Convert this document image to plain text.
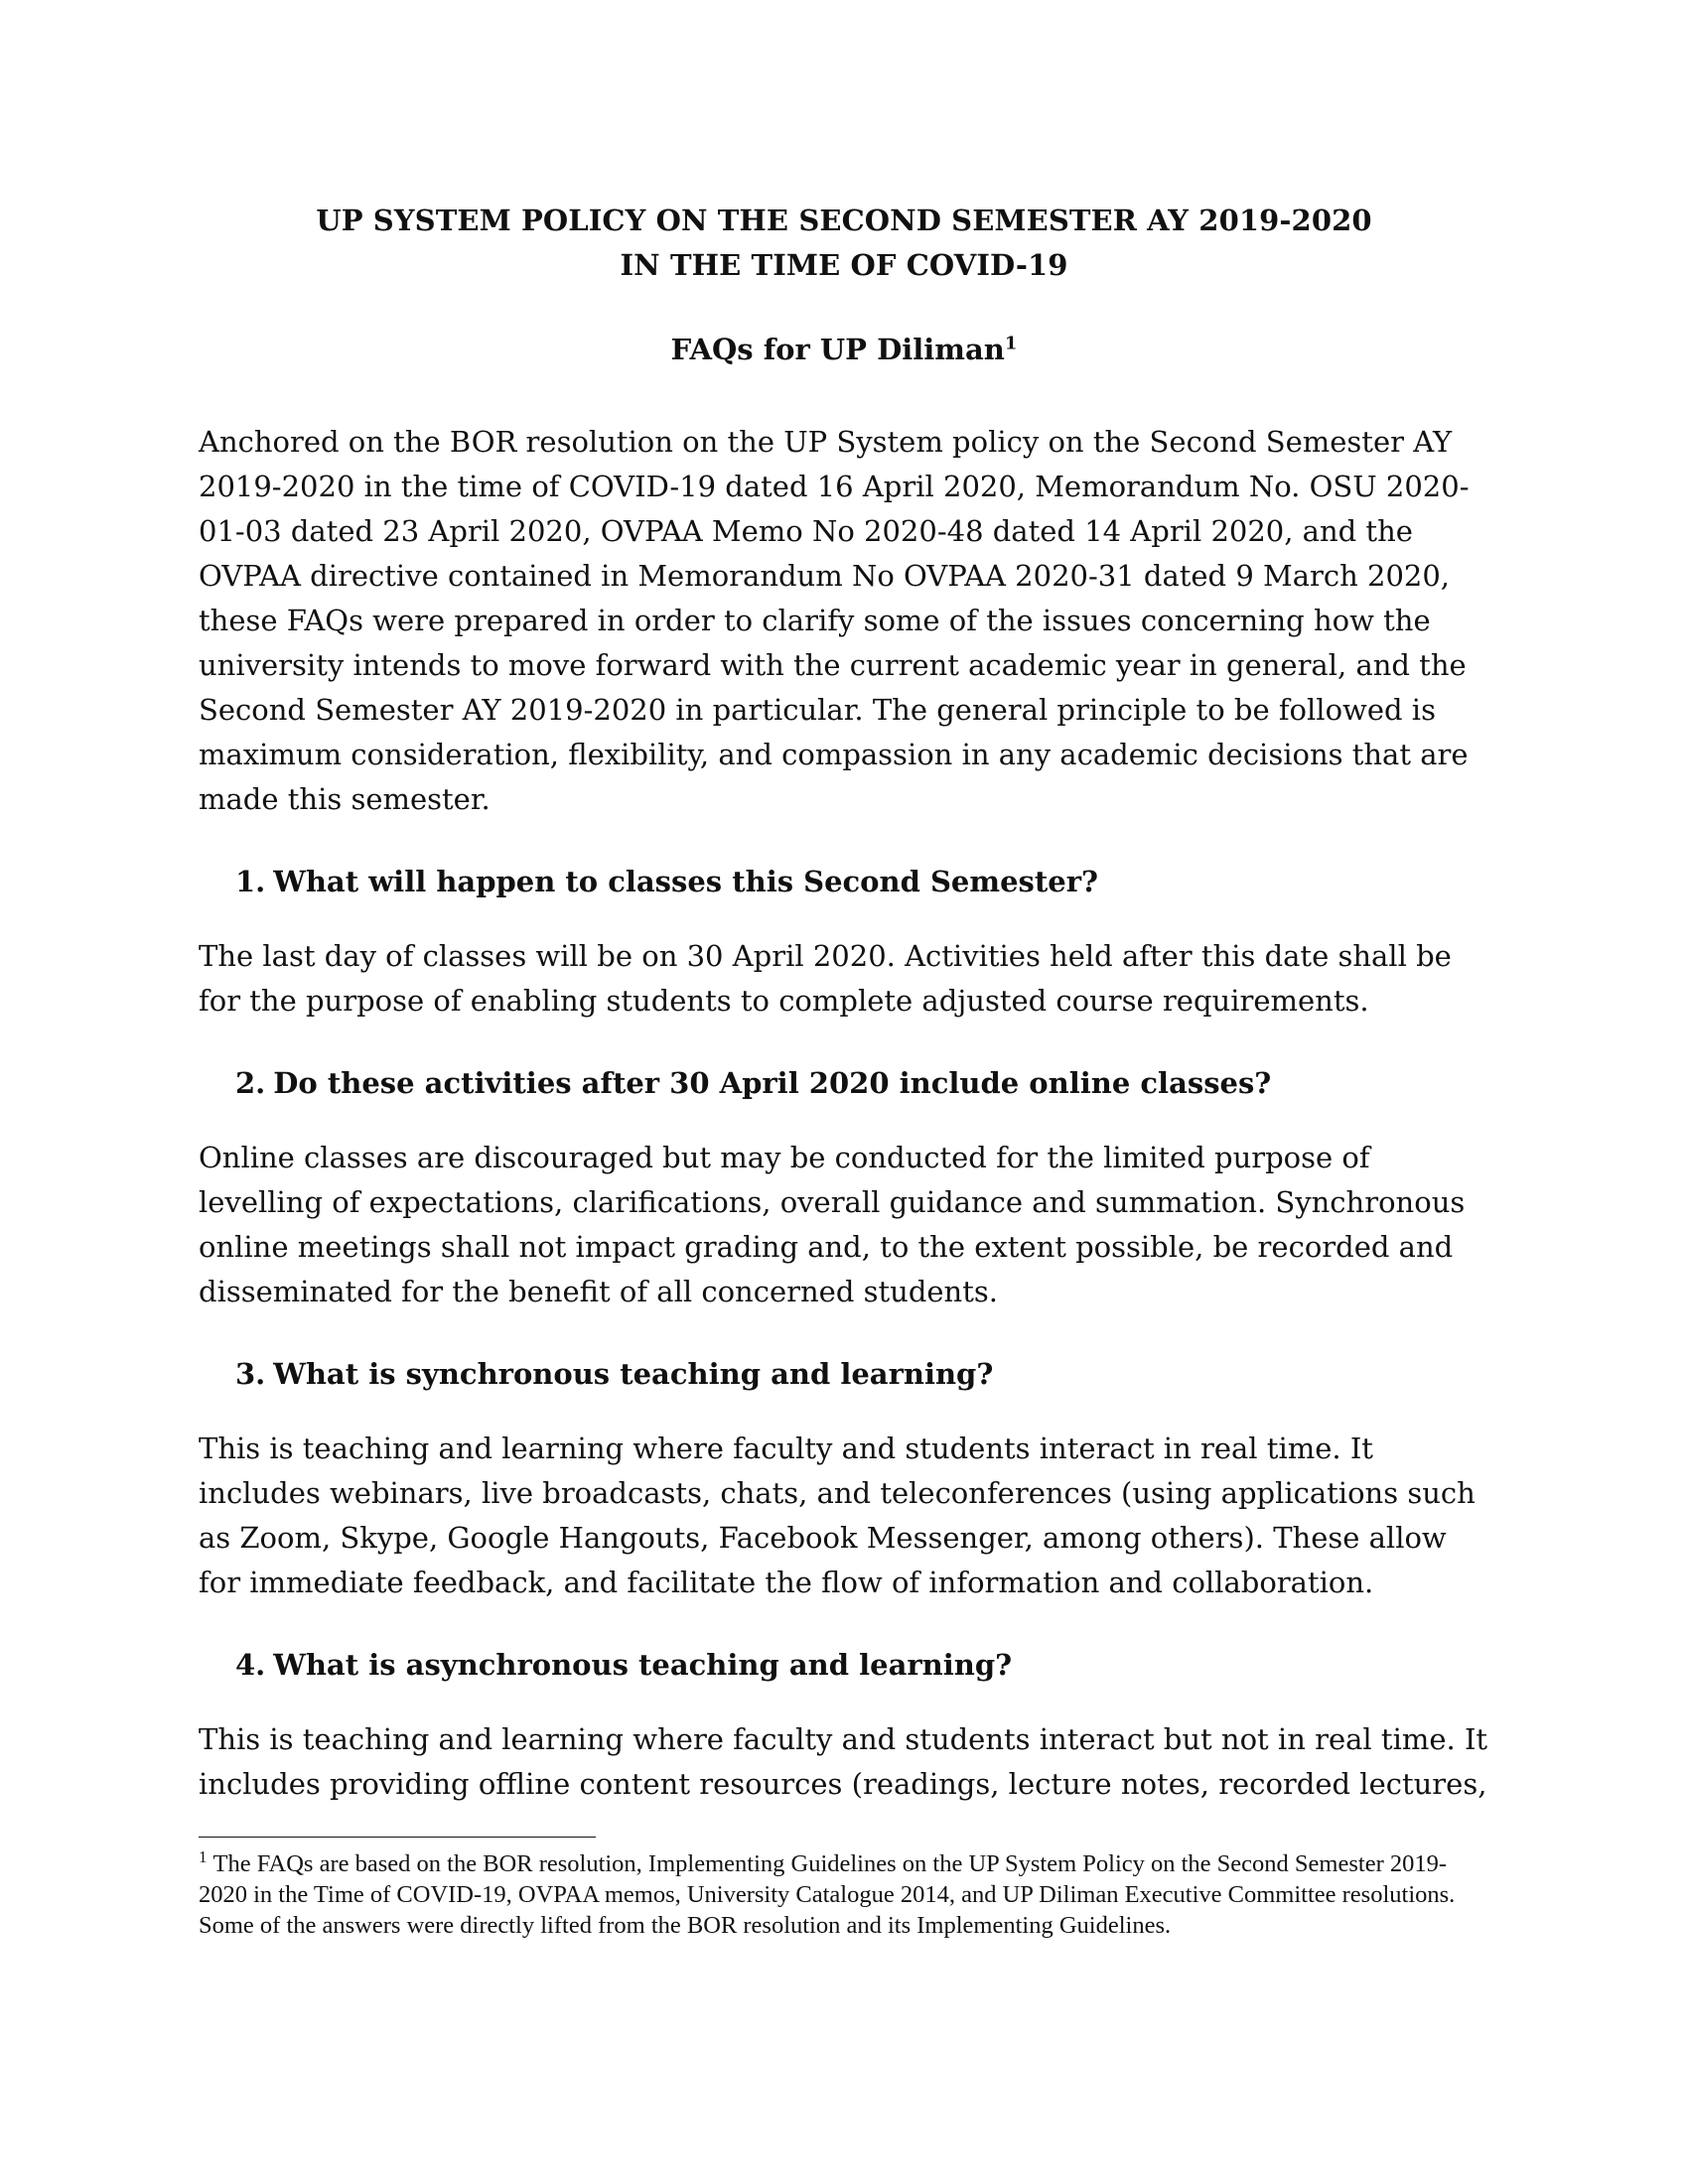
UP SYSTEM POLICY ON THE SECOND SEMESTER AY 2019-2020

IN THE TIME OF COVID-19

FAQs for UP Diliman$^1$

Anchored on the BOR resolution on the UP System policy on the Second Semester AY 2019-2020 in the time of COVID-19 dated 16 April 2020, Memorandum No. OSU 2020-01-03 dated 23 April 2020, OVPAA Memo No 2020-48 dated 14 April 2020, and the OVPAA directive contained in Memorandum No OVPAA 2020-31 dated 9 March 2020, these FAQs were prepared in order to clarify some of the issues concerning how the university intends to move forward with the current academic year in general, and the Second Semester AY 2019-2020 in particular. The general principle to be followed is maximum consideration, flexibility, and compassion in any academic decisions that are made this semester.

1. What will happen to classes this Second Semester?

The last day of classes will be on 30 April 2020. Activities held after this date shall be for the purpose of enabling students to complete adjusted course requirements.

2. Do these activities after 30 April 2020 include online classes?

Online classes are discouraged but may be conducted for the limited purpose of levelling of expectations, clarifications, overall guidance and summation. Synchronous online meetings shall not impact grading and, to the extent possible, be recorded and disseminated for the benefit of all concerned students.

3. What is synchronous teaching and learning?

This is teaching and learning where faculty and students interact in real time. It includes webinars, live broadcasts, chats, and teleconferences (using applications such as Zoom, Skype, Google Hangouts, Facebook Messenger, among others). These allow for immediate feedback, and facilitate the flow of information and collaboration.

4. What is asynchronous teaching and learning?

This is teaching and learning where faculty and students interact but not in real time. It includes providing offline content resources (readings, lecture notes, recorded lectures,

$^1$ The FAQs are based on the BOR resolution, Implementing Guidelines on the UP System Policy on the Second Semester 2019-2020 in the Time of COVID-19, OVPAA memos, University Catalogue 2014, and UP Diliman Executive Committee resolutions. Some of the answers were directly lifted from the BOR resolution and its Implementing Guidelines.
